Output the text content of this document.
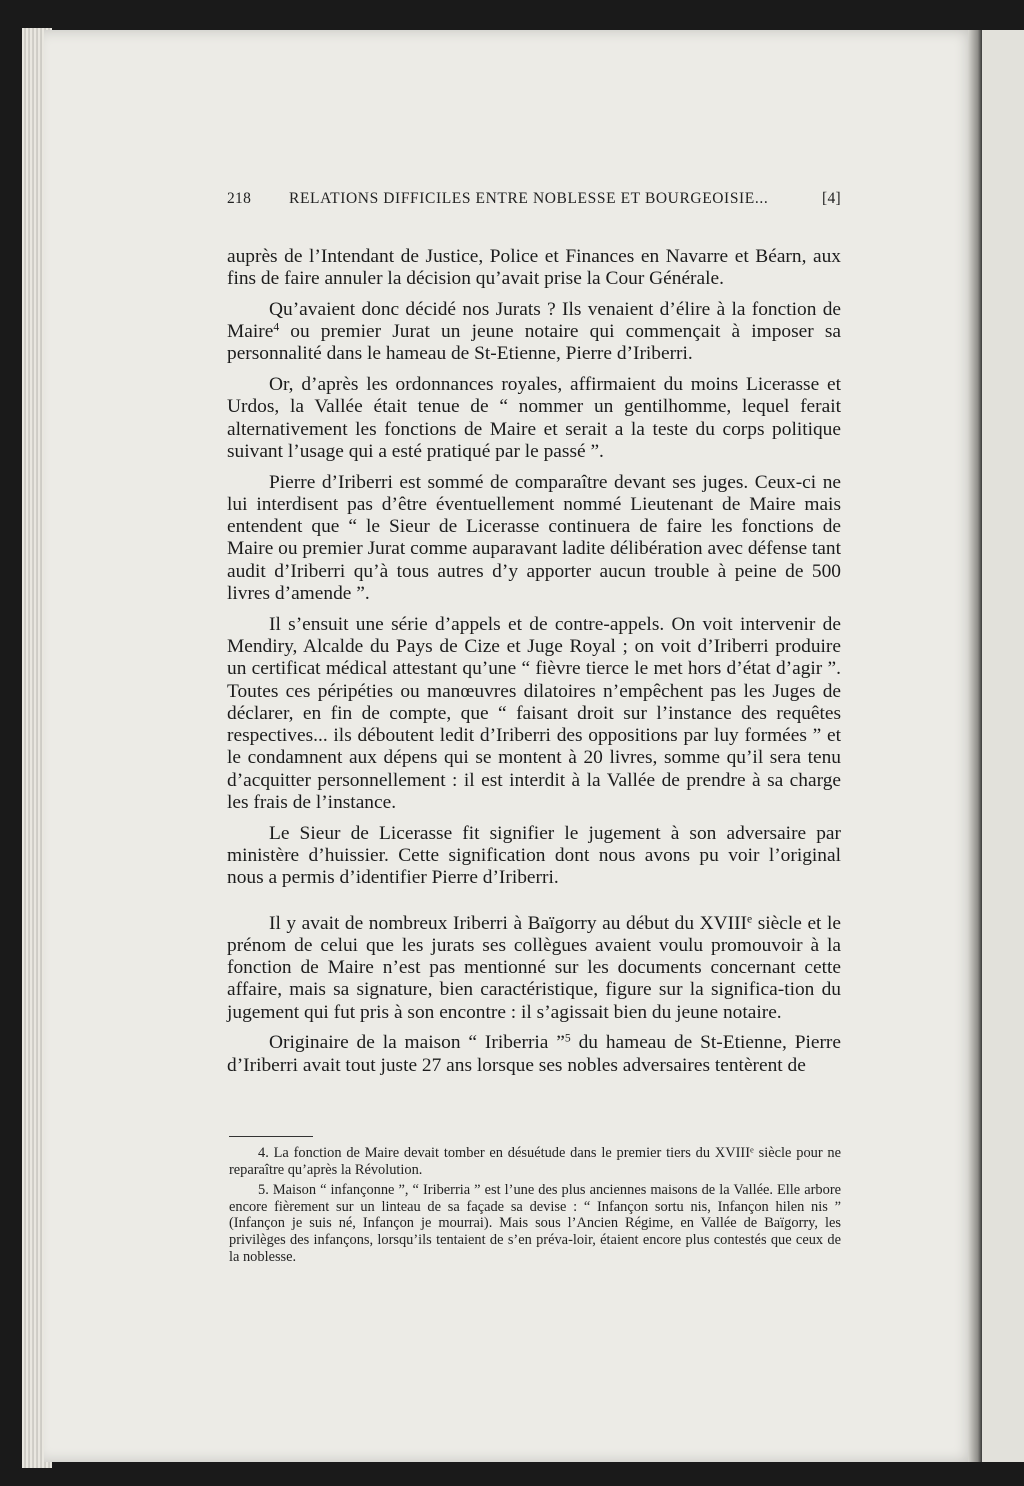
218 RELATIONS DIFFICILES ENTRE NOBLESSE ET BOURGEOISIE...	[4]

auprès de l’Intendant de Justice, Police et Finances en Navarre et Béarn, aux fins de faire annuler la décision qu’avait prise la Cour Générale.

Qu’avaient donc décidé nos Jurats ? Ils venaient d’élire à la fonction de Maire$^4$ ou premier Jurat un jeune notaire qui commençait à imposer sa personnalité dans le hameau de St-Etienne, Pierre d’Iriberri.

Or, d’après les ordonnances royales, affirmaient du moins Licerasse et Urdos, la Vallée était tenue de “ nommer un gentilhomme, lequel ferait alternativement les fonctions de Maire et serait a la teste du corps politique suivant l’usage qui a esté pratiqué par le passé ”.

Pierre d’Iriberri est sommé de comparaître devant ses juges. Ceux-ci ne lui interdisent pas d’être éventuellement nommé Lieutenant de Maire mais entendent que “ le Sieur de Licerasse continuera de faire les fonctions de Maire ou premier Jurat comme auparavant ladite délibération avec défense tant audit d’Iriberri qu’à tous autres d’y apporter aucun trouble à peine de 500 livres d’amende ”.

Il s’ensuit une série d’appels et de contre-appels. On voit intervenir de Mendiry, Alcalde du Pays de Cize et Juge Royal ; on voit d’Iriberri produire un certificat médical attestant qu’une “ fièvre tierce le met hors d’état d’agir ”. Toutes ces péripéties ou manœuvres dilatoires n’empêchent pas les Juges de déclarer, en fin de compte, que “ faisant droit sur l’instance des requêtes respectives... ils déboutent ledit d’Iriberri des oppositions par luy formées ” et le condamnent aux dépens qui se montent à 20 livres, somme qu’il sera tenu d’acquitter personnellement : il est interdit à la Vallée de prendre à sa charge les frais de l’instance.

Le Sieur de Licerasse fit signifier le jugement à son adversaire par ministère d’huissier. Cette signification dont nous avons pu voir l’original nous a permis d’identifier Pierre d’Iriberri.

Il y avait de nombreux Iriberri à Baïgorry au début du XVIIIe siècle et le prénom de celui que les jurats ses collègues avaient voulu promouvoir à la fonction de Maire n’est pas mentionné sur les documents concernant cette affaire, mais sa signature, bien caractéristique, figure sur la significa-tion du jugement qui fut pris à son encontre : il s’agissait bien du jeune notaire.

Originaire de la maison “ Iriberria ”$^5$ du hameau de St-Etienne, Pierre d’Iriberri avait tout juste 27 ans lorsque ses nobles adversaires tentèrent de

4. La fonction de Maire devait tomber en désuétude dans le premier tiers du XVIIIe siècle pour ne reparaître qu’après la Révolution.

5. Maison “ infançonne ”, “ Iriberria ” est l’une des plus anciennes maisons de la Vallée. Elle arbore encore fièrement sur un linteau de sa façade sa devise : “ Infançon sortu nis, Infançon hilen nis ” (Infançon je suis né, Infançon je mourrai). Mais sous l’Ancien Régime, en Vallée de Baïgorry, les privilèges des infançons, lorsqu’ils tentaient de s’en préva-loir, étaient encore plus contestés que ceux de la noblesse.
